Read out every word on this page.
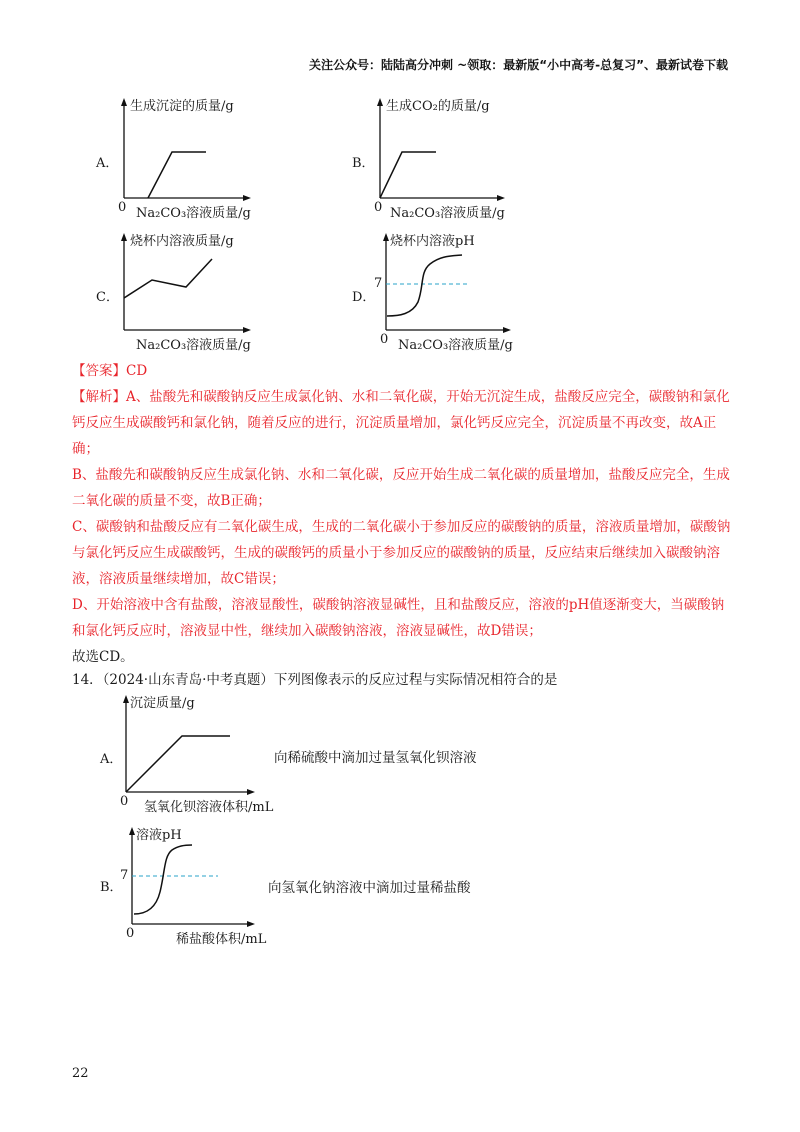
关注公众号：陆陆高分冲刺 ~领取：最新版“小中高考-总复习”、最新试卷下载
A．
生成沉淀的质量/g
0 Na₂CO₃溶液质量/g
B．
生成CO₂的质量/g
0 Na₂CO₃溶液质量/g
C．
烧杯内溶液质量/g
Na₂CO₃溶液质量/g
D．
烧杯内溶液pH
7
0 Na₂CO₃溶液质量/g
【答案】CD
【解析】A、盐酸先和碳酸钠反应生成氯化钠、水和二氧化碳，开始无沉淀生成，盐酸反应完全，碳酸钠和氯化钙反应生成碳酸钙和氯化钠，随着反应的进行，沉淀质量增加，氯化钙反应完全，沉淀质量不再改变，故A正确；
B、盐酸先和碳酸钠反应生成氯化钠、水和二氧化碳，反应开始生成二氧化碳的质量增加，盐酸反应完全，生成二氧化碳的质量不变，故B正确；
C、碳酸钠和盐酸反应有二氧化碳生成，生成的二氧化碳小于参加反应的碳酸钠的质量，溶液质量增加，碳酸钠与氯化钙反应生成碳酸钙，生成的碳酸钙的质量小于参加反应的碳酸钠的质量，反应结束后继续加入碳酸钠溶液，溶液质量继续增加，故C错误；
D、开始溶液中含有盐酸，溶液显酸性，碳酸钠溶液显碱性，且和盐酸反应，溶液的pH值逐渐变大，当碳酸钠和氯化钙反应时，溶液显中性，继续加入碳酸钠溶液，溶液显碱性，故D错误；
故选CD。
14．（2024·山东青岛·中考真题）下列图像表示的反应过程与实际情况相符合的是
A．
沉淀质量/g
0 氢氧化钡溶液体积/mL
向稀硫酸中滴加过量氢氧化钡溶液
B．
溶液pH
7
0	稀盐酸体积/mL
向氢氧化钠溶液中滴加过量稀盐酸
22
